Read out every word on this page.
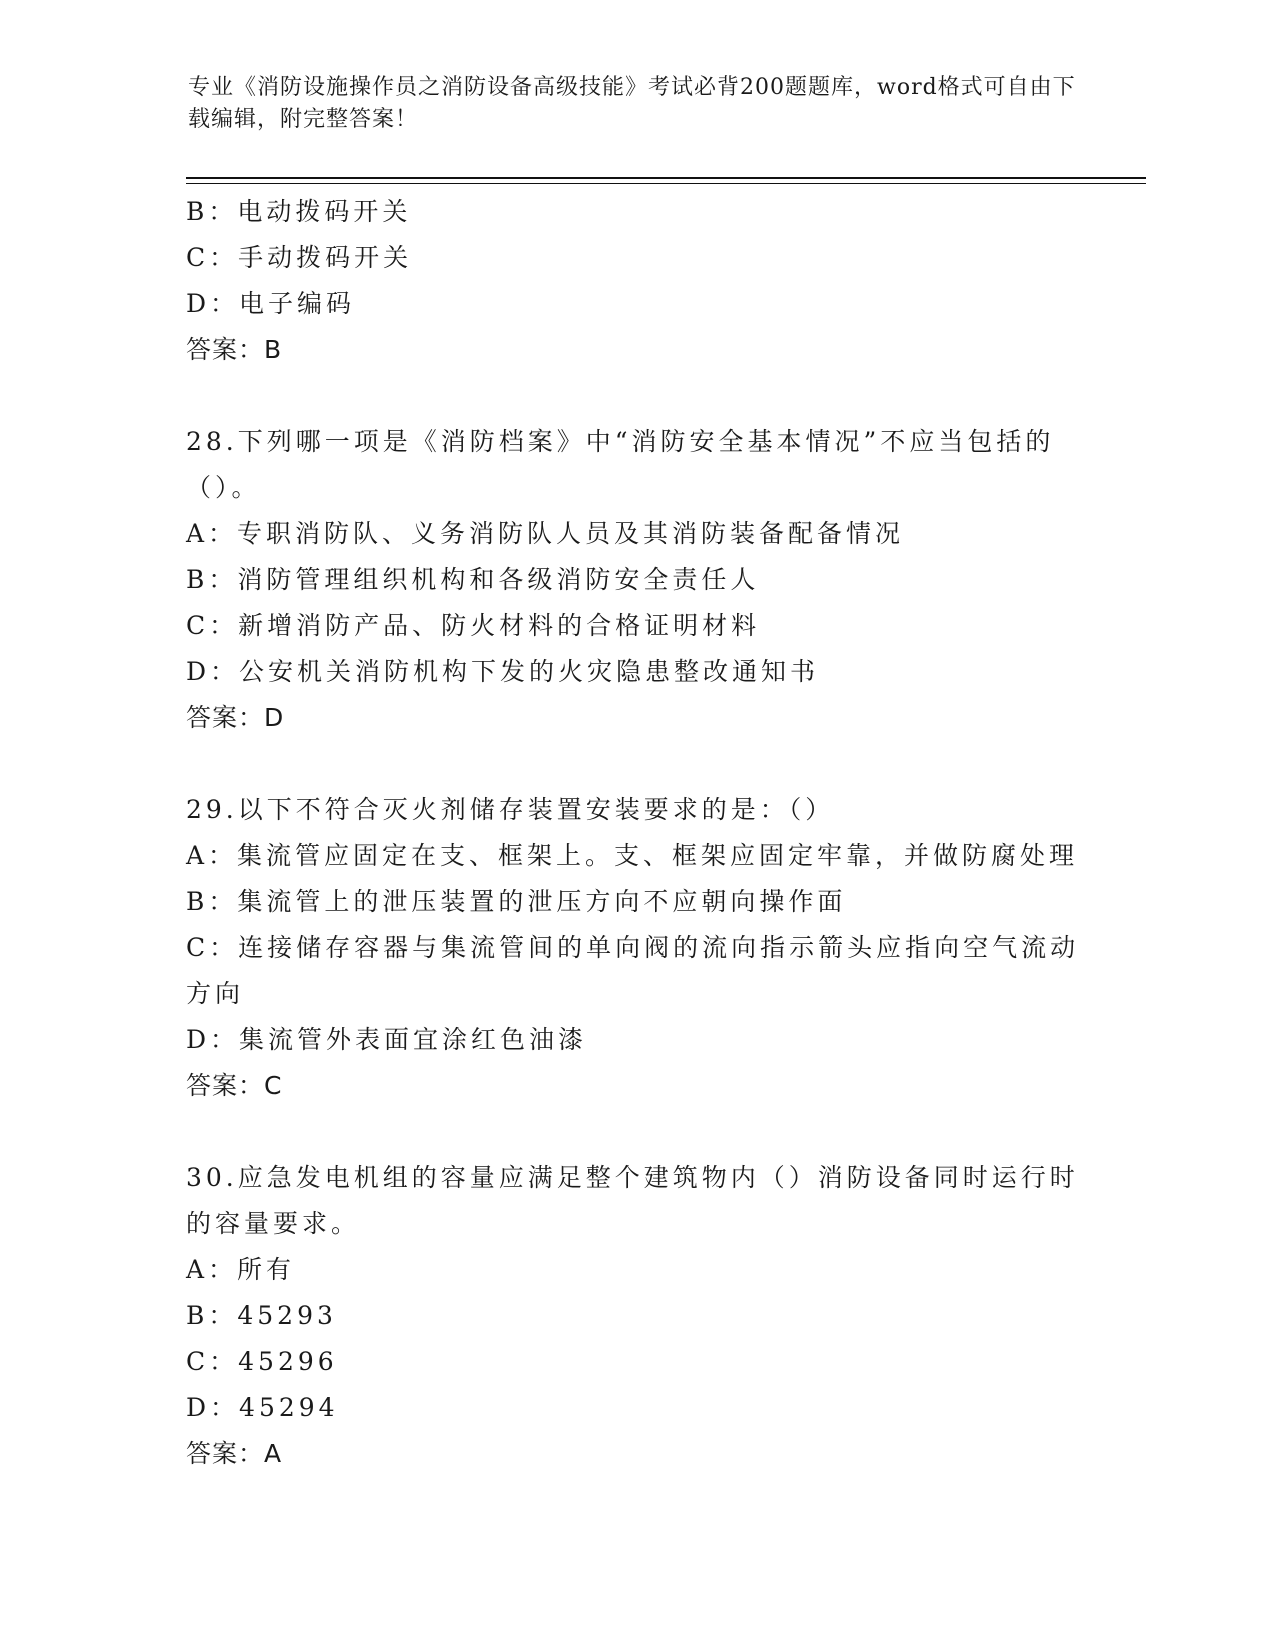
专业《消防设施操作员之消防设备高级技能》考试必背200题题库，word格式可自由下载编辑，附完整答案！

B：电动拨码开关

C：手动拨码开关

D：电子编码

答案：B

28.下列哪一项是《消防档案》中“消防安全基本情况”不应当包括的（）。

A：专职消防队、义务消防队人员及其消防装备配备情况

B：消防管理组织机构和各级消防安全责任人

C：新增消防产品、防火材料的合格证明材料

D：公安机关消防机构下发的火灾隐患整改通知书

答案：D

29.以下不符合灭火剂储存装置安装要求的是：（）

A：集流管应固定在支、框架上。支、框架应固定牢靠，并做防腐处理

B：集流管上的泄压装置的泄压方向不应朝向操作面

C：连接储存容器与集流管间的单向阀的流向指示箭头应指向空气流动方向

D：集流管外表面宜涂红色油漆

答案：C

30.应急发电机组的容量应满足整个建筑物内（）消防设备同时运行时的容量要求。

A：所有

B：45293

C：45296

D：45294

答案：A
